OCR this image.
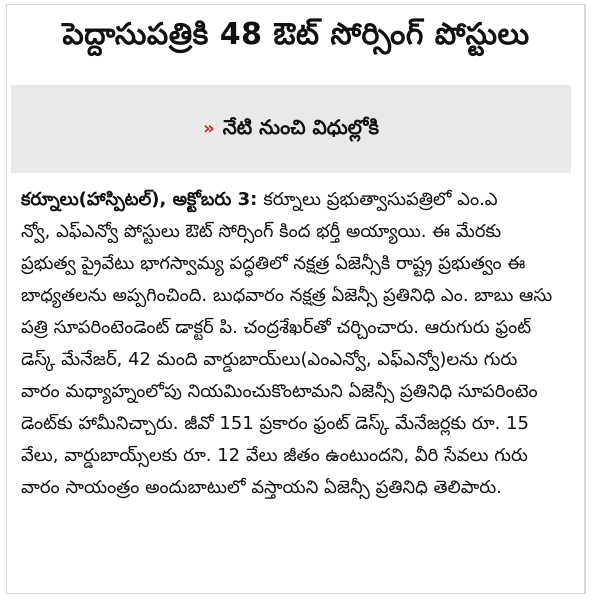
పెద్దాసుపత్రికి 48 ఔట్ సోర్సింగ్ పోస్టులు
» నేటి నుంచి విధుల్లోకి
కర్నూలు(హాస్పిటల్), అక్టోబరు 3: కర్నూలు ప్రభుత్వాసుపత్రిలో ఎం.ఎ
న్వో, ఎఫ్ఎన్వో పోస్టులు ఔట్ సోర్సింగ్ కింద భర్తీ అయ్యాయి. ఈ మేరకు
ప్రభుత్వ ప్రైవేటు భాగస్వామ్య పద్ధతిలో నక్షత్ర ఏజెన్సీకి రాష్ట్ర ప్రభుత్వం ఈ
బాధ్యతలను అప్పగించింది. బుధవారం నక్షత్ర ఏజెన్సీ ప్రతినిధి ఎం. బాబు ఆసు
పత్రి సూపరింటెండెంట్ డాక్టర్ పి. చంద్రశేఖర్‌తో చర్చించారు. ఆరుగురు ఫ్రంట్
డెస్క్ మేనేజర్, 42 మంది వార్డుబాయ్‌లు(ఎంఎన్వో, ఎఫ్ఎన్వో)లను గురు
వారం మధ్యాహ్నంలోపు నియమించుకొంటామని ఏజెన్సీ ప్రతినిధి సూపరింటెం
డెంట్‌కు హామీనిచ్చారు. జీవో 151 ప్రకారం ఫ్రంట్ డెస్క్ మేనేజర్లకు రూ. 15
వేలు, వార్డుబాయ్స్‌లకు రూ. 12 వేలు జీతం ఉంటుందని, వీరి సేవలు గురు
వారం సాయంత్రం అందుబాటులో వస్తాయని ఏజెన్సీ ప్రతినిధి తెలిపారు.
